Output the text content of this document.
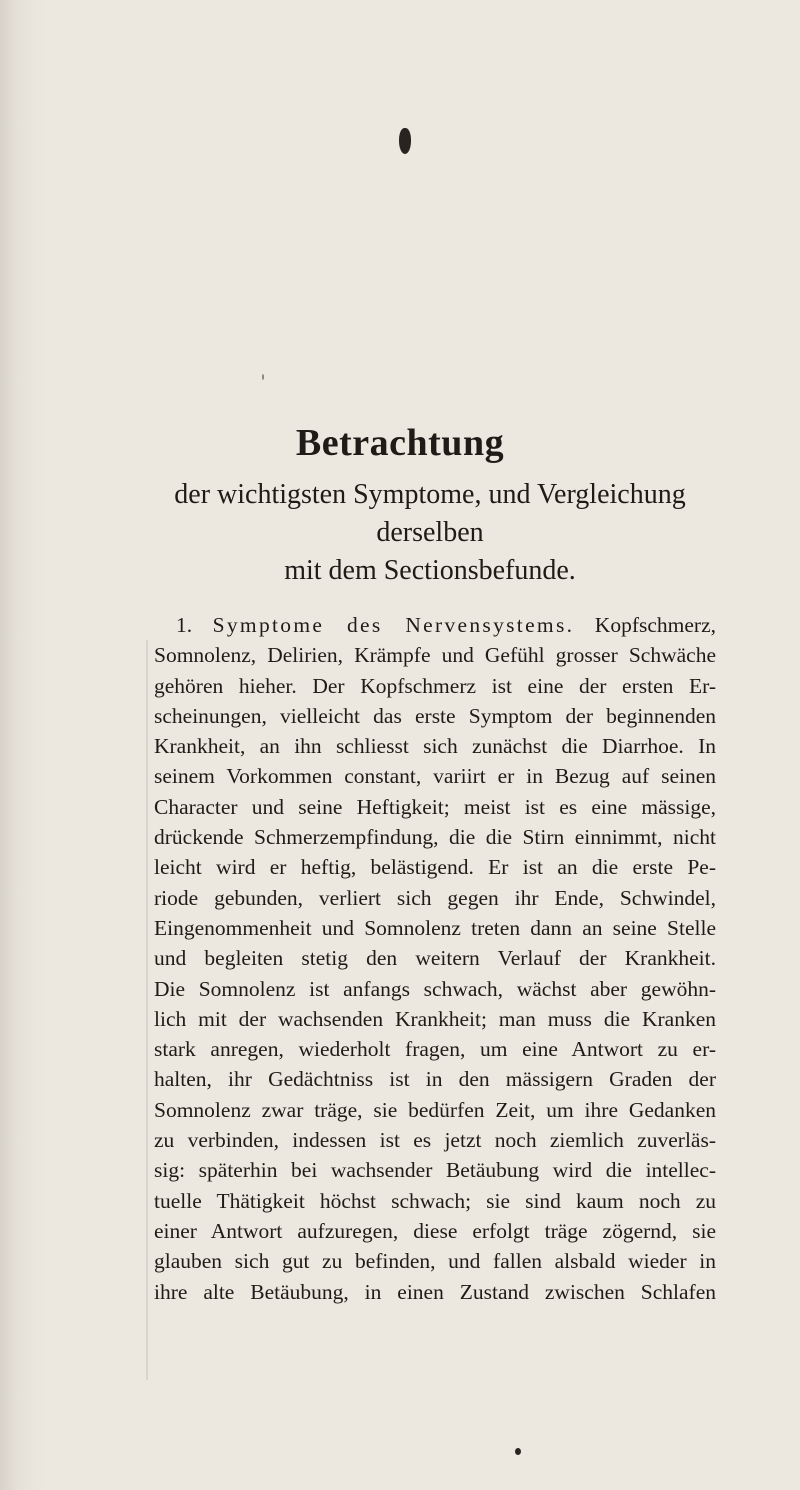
Betrachtung

der wichtigsten Symptome, und Vergleichung derselben
mit dem Sectionsbefunde.

1. Symptome des Nervensystems. Kopfschmerz,
Somnolenz, Delirien, Krämpfe und Gefühl grosser Schwäche
gehören hieher. Der Kopfschmerz ist eine der ersten Er-
scheinungen, vielleicht das erste Symptom der beginnenden
Krankheit, an ihn schliesst sich zunächst die Diarrhoe. In
seinem Vorkommen constant, variirt er in Bezug auf seinen
Character und seine Heftigkeit; meist ist es eine mässige,
drückende Schmerzempfindung, die die Stirn einnimmt, nicht
leicht wird er heftig, belästigend. Er ist an die erste Pe-
riode gebunden, verliert sich gegen ihr Ende, Schwindel,
Eingenommenheit und Somnolenz treten dann an seine Stelle
und begleiten stetig den weitern Verlauf der Krankheit.
Die Somnolenz ist anfangs schwach, wächst aber gewöhn-
lich mit der wachsenden Krankheit; man muss die Kranken
stark anregen, wiederholt fragen, um eine Antwort zu er-
halten, ihr Gedächtniss ist in den mässigern Graden der
Somnolenz zwar träge, sie bedürfen Zeit, um ihre Gedanken
zu verbinden, indessen ist es jetzt noch ziemlich zuverläs-
sig: späterhin bei wachsender Betäubung wird die intellec-
tuelle Thätigkeit höchst schwach; sie sind kaum noch zu
einer Antwort aufzuregen, diese erfolgt träge zögernd, sie
glauben sich gut zu befinden, und fallen alsbald wieder in
ihre alte Betäubung, in einen Zustand zwischen Schlafen
